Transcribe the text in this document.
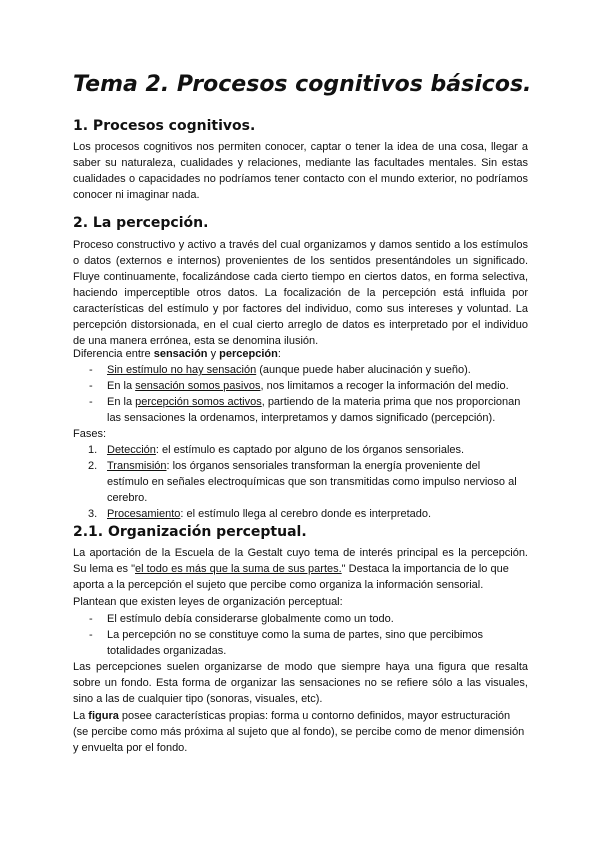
Tema 2. Procesos cognitivos básicos.
1. Procesos cognitivos.

Los procesos cognitivos nos permiten conocer, captar o tener la idea de una cosa, llegar a
saber su naturaleza, cualidades y relaciones, mediante las facultades mentales. Sin estas
cualidades o capacidades no podríamos tener contacto con el mundo exterior, no podríamos
conocer ni imaginar nada.

2. La percepción.

Proceso constructivo y activo a través del cual organizamos y damos sentido a los estímulos
o datos (externos e internos) provenientes de los sentidos presentándoles un significado.
Fluye continuamente, focalizándose cada cierto tiempo en ciertos datos, en forma selectiva,
haciendo imperceptible otros datos. La focalización de la percepción está influida por
características del estímulo y por factores del individuo, como sus intereses y voluntad. La
percepción distorsionada, en el cual cierto arreglo de datos es interpretado por el individuo
de una manera errónea, esta se denomina ilusión.

Diferencia entre sensación y percepción:

- Sin estímulo no hay sensación (aunque puede haber alucinación y sueño).
- En la sensación somos pasivos, nos limitamos a recoger la información del medio.
- En la percepción somos activos, partiendo de la materia prima que nos proporcionan
las sensaciones la ordenamos, interpretamos y damos significado (percepción).

Fases:

1. Detección: el estímulo es captado por alguno de los órganos sensoriales.
2. Transmisión: los órganos sensoriales transforman la energía proveniente del
estímulo en señales electroquímicas que son transmitidas como impulso nervioso al
cerebro.
3. Procesamiento: el estímulo llega al cerebro donde es interpretado.
2.1. Organización perceptual.

La aportación de la Escuela de la Gestalt cuyo tema de interés principal es la percepción.
Su lema es "el todo es más que la suma de sus partes." Destaca la importancia de lo que
aporta a la percepción el sujeto que percibe como organiza la información sensorial.

Plantean que existen leyes de organización perceptual:

- El estímulo debía considerarse globalmente como un todo.
- La percepción no se constituye como la suma de partes, sino que percibimos
totalidades organizadas.

Las percepciones suelen organizarse de modo que siempre haya una figura que resalta
sobre un fondo. Esta forma de organizar las sensaciones no se refiere sólo a las visuales,
sino a las de cualquier tipo (sonoras, visuales, etc).

La figura posee características propias: forma u contorno definidos, mayor estructuración
(se percibe como más próxima al sujeto que al fondo), se percibe como de menor dimensión
y envuelta por el fondo.
